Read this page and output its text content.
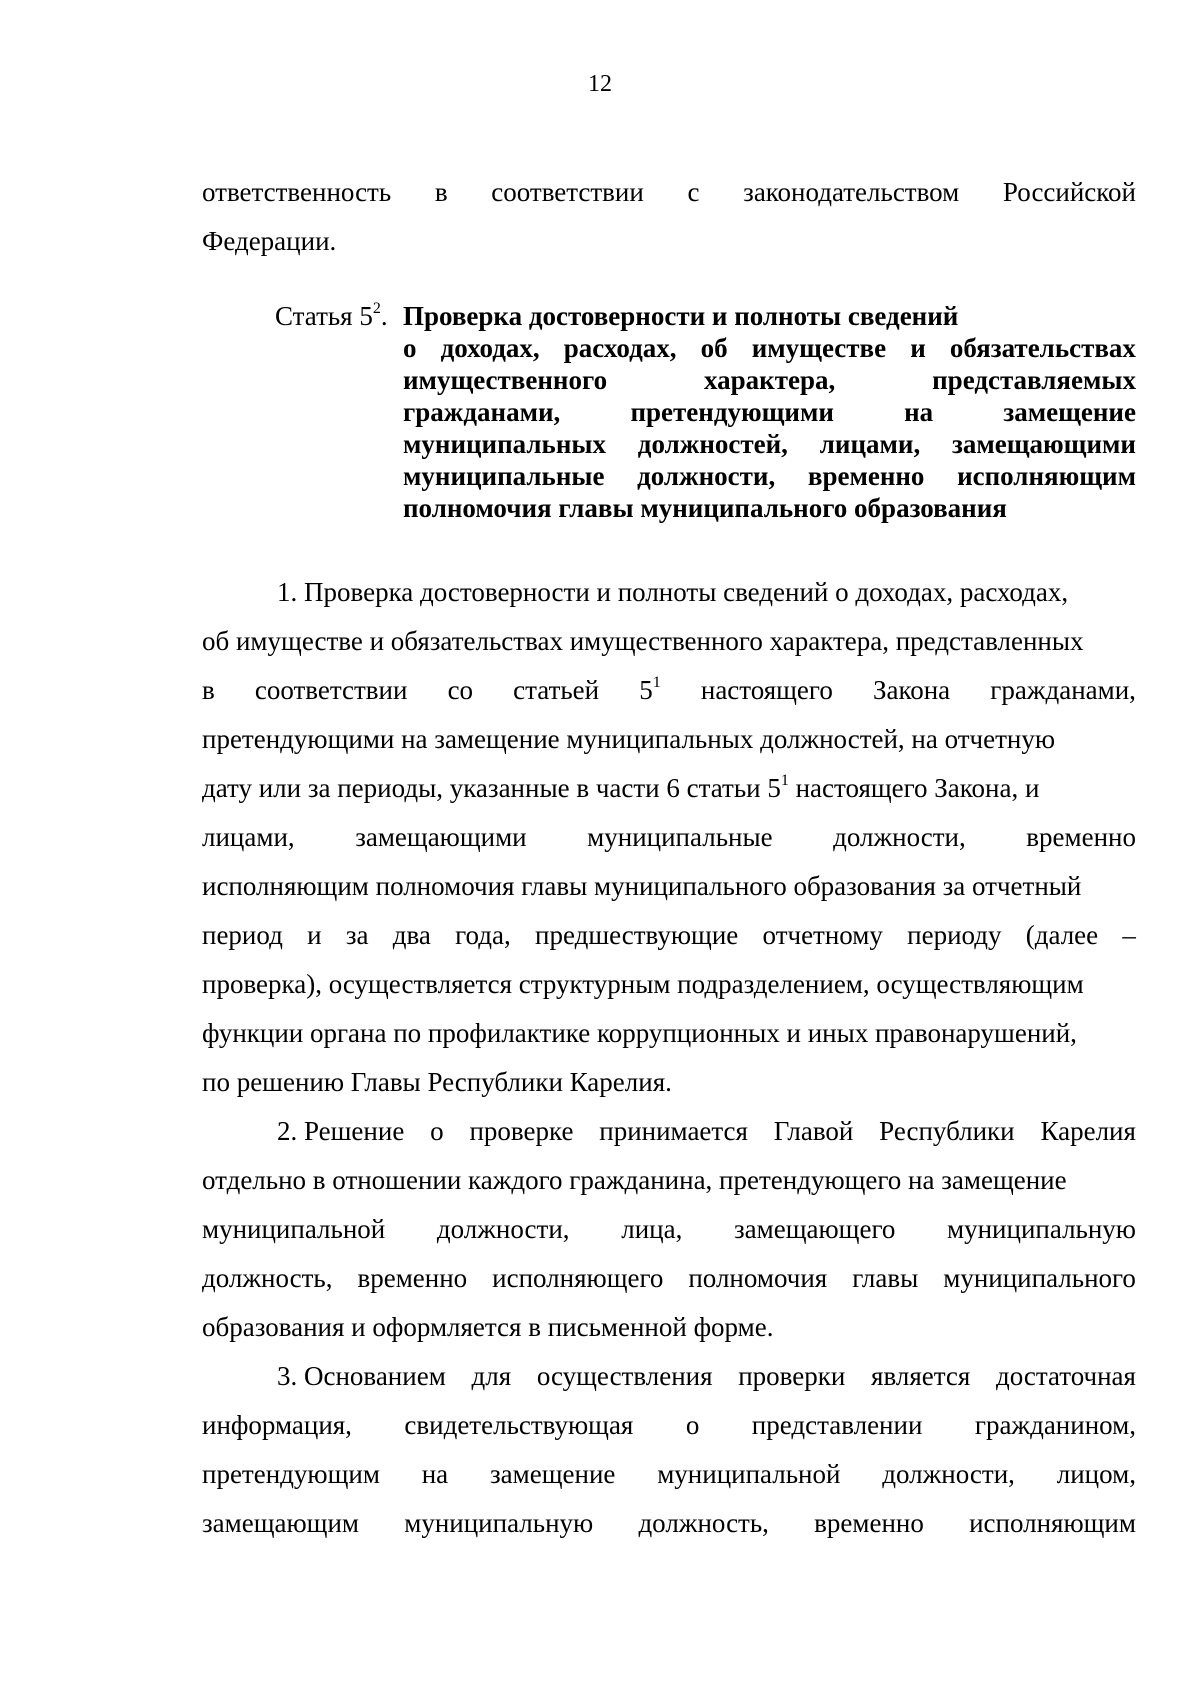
12
ответственность в соответствии с законодательством Российской
Федерации.
Статья $5^2$. Проверка достоверности и полноты сведений
о доходах, расходах, об имуществе и обязательствах
имущественного	характера,	представляемых
гражданами,	претендующими	на	замещение
муниципальных должностей, лицами, замещающими
муниципальные должности, временно исполняющим
полномочия главы муниципального образования
1. Проверка достоверности и полноты сведений о доходах, расходах,
об имуществе и обязательствах имущественного характера, представленных
в соответствии со статьей $5^1$ настоящего Закона гражданами,
претендующими на замещение муниципальных должностей, на отчетную
дату или за периоды, указанные в части 6 статьи $5^1$ настоящего Закона, и
лицами, замещающими муниципальные должности, временно
исполняющим полномочия главы муниципального образования за отчетный
период и за два года, предшествующие отчетному периоду (далее –
проверка), осуществляется структурным подразделением, осуществляющим
функции органа по профилактике коррупционных и иных правонарушений,
по решению Главы Республики Карелия.
2. Решение о проверке принимается Главой Республики Карелия
отдельно в отношении каждого гражданина, претендующего на замещение
муниципальной должности, лица, замещающего муниципальную
должность, временно исполняющего полномочия главы муниципального
образования и оформляется в письменной форме.
3. Основанием для осуществления проверки является достаточная
информация, свидетельствующая о представлении гражданином,
претендующим на замещение муниципальной должности, лицом,
замещающим муниципальную должность, временно исполняющим
